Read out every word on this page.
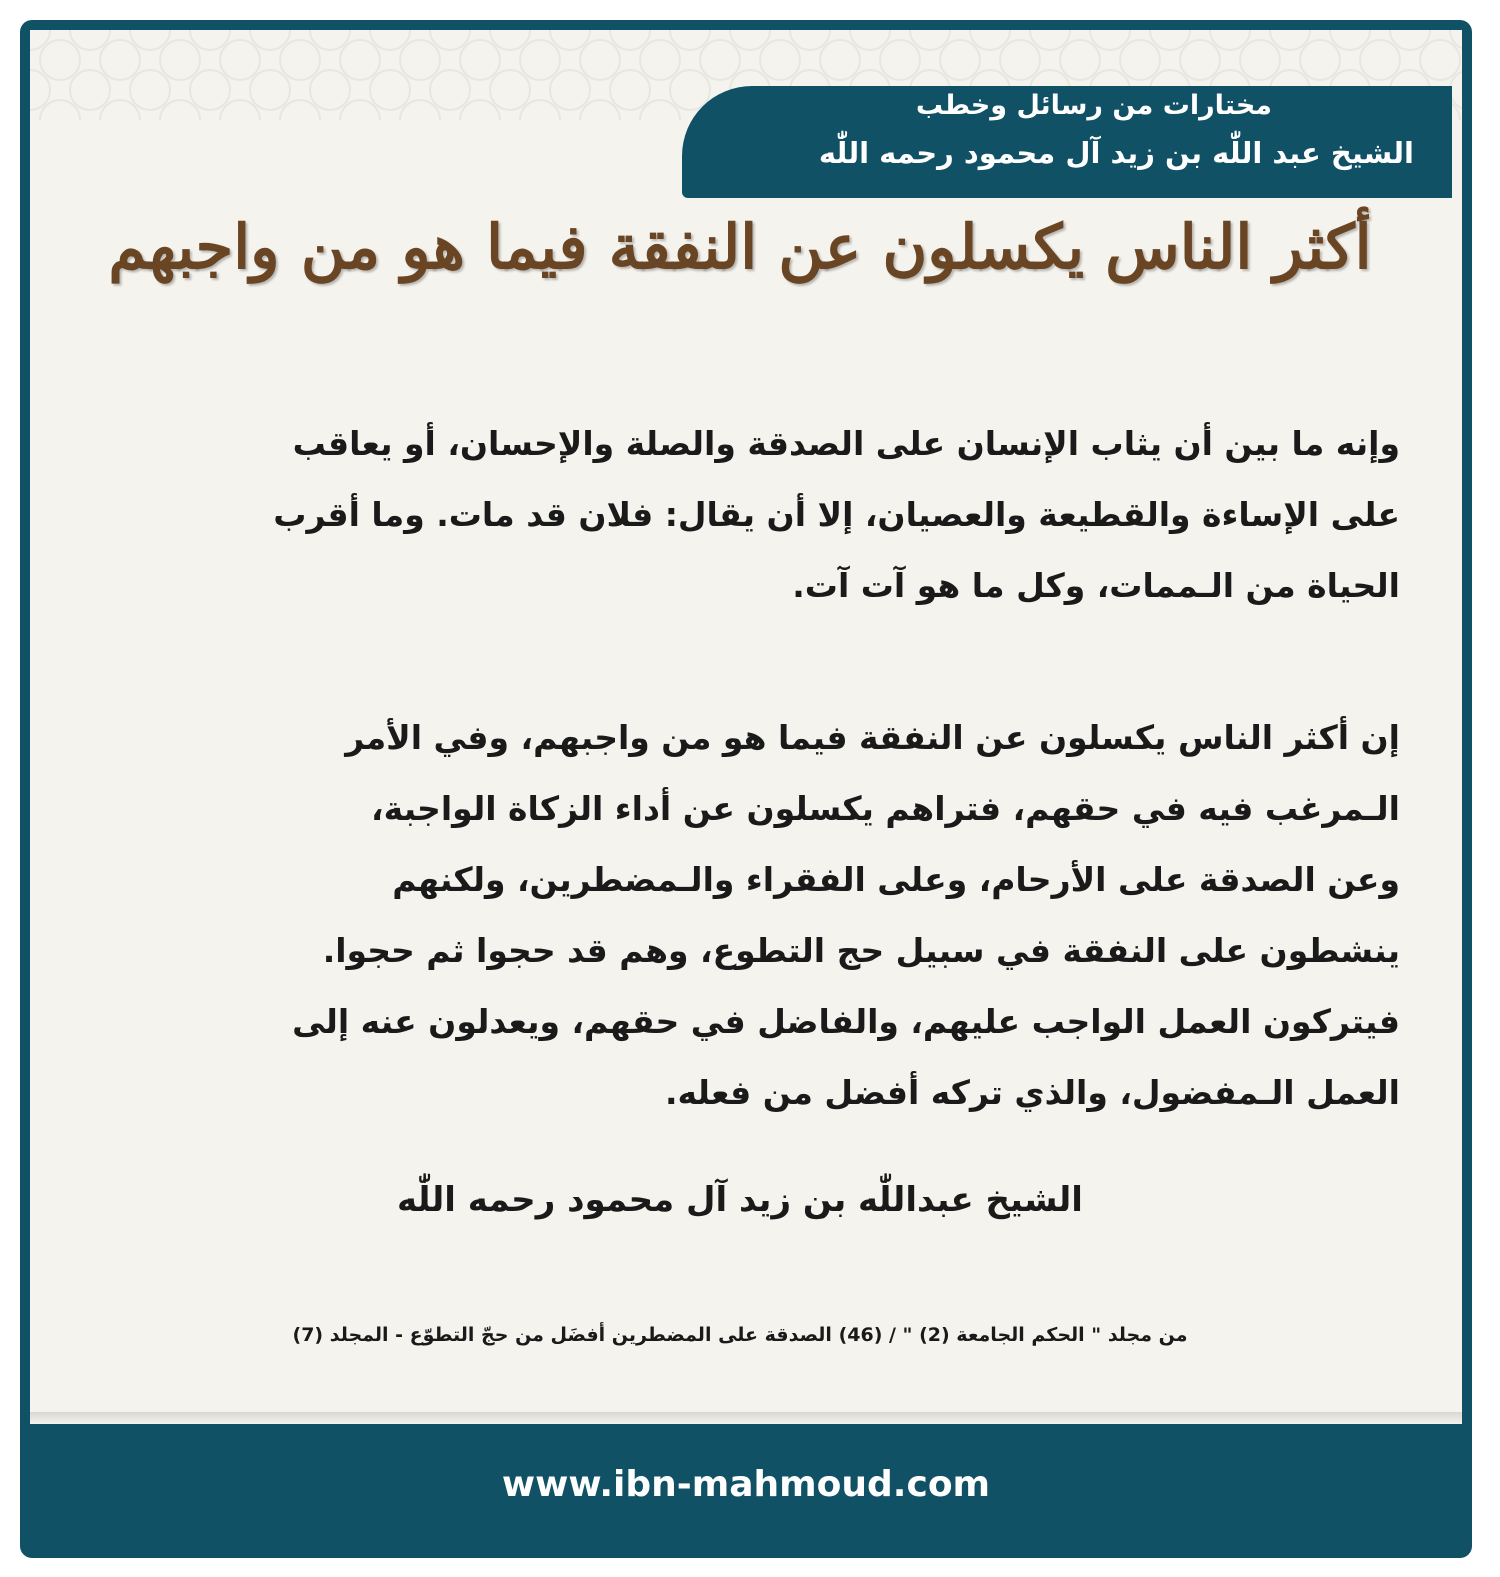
مختارات من رسائل وخطب
الشيخ عبد اللّٰه بن زيد آل محمود رحمه اللّٰه
أكثر الناس يكسلون عن النفقة فيما هو من واجبهم
وإنه ما بين أن يثاب الإنسان على الصدقة والصلة والإحسان، أو يعاقب
على الإساءة والقطيعة والعصيان، إلا أن يقال: فلان قد مات. وما أقرب
الحياة من الـممات، وكل ما هو آت آت.
إن أكثر الناس يكسلون عن النفقة فيما هو من واجبهم، وفي الأمر
الـمرغب فيه في حقهم، فتراهم يكسلون عن أداء الزكاة الواجبة،
وعن الصدقة على الأرحام، وعلى الفقراء والـمضطرين، ولكنهم
ينشطون على النفقة في سبيل حج التطوع، وهم قد حجوا ثم حجوا.
فيتركون العمل الواجب عليهم، والفاضل في حقهم، ويعدلون عنه إلى
العمل الـمفضول، والذي تركه أفضل من فعله.
الشيخ عبداللّٰه بن زيد آل محمود رحمه اللّٰه
من مجلد " الحكم الجامعة (2) " / (46) الصدقة على المضطرين أفضَل من حجّ التطوّع - المجلد (7)
www.ibn-mahmoud.com
